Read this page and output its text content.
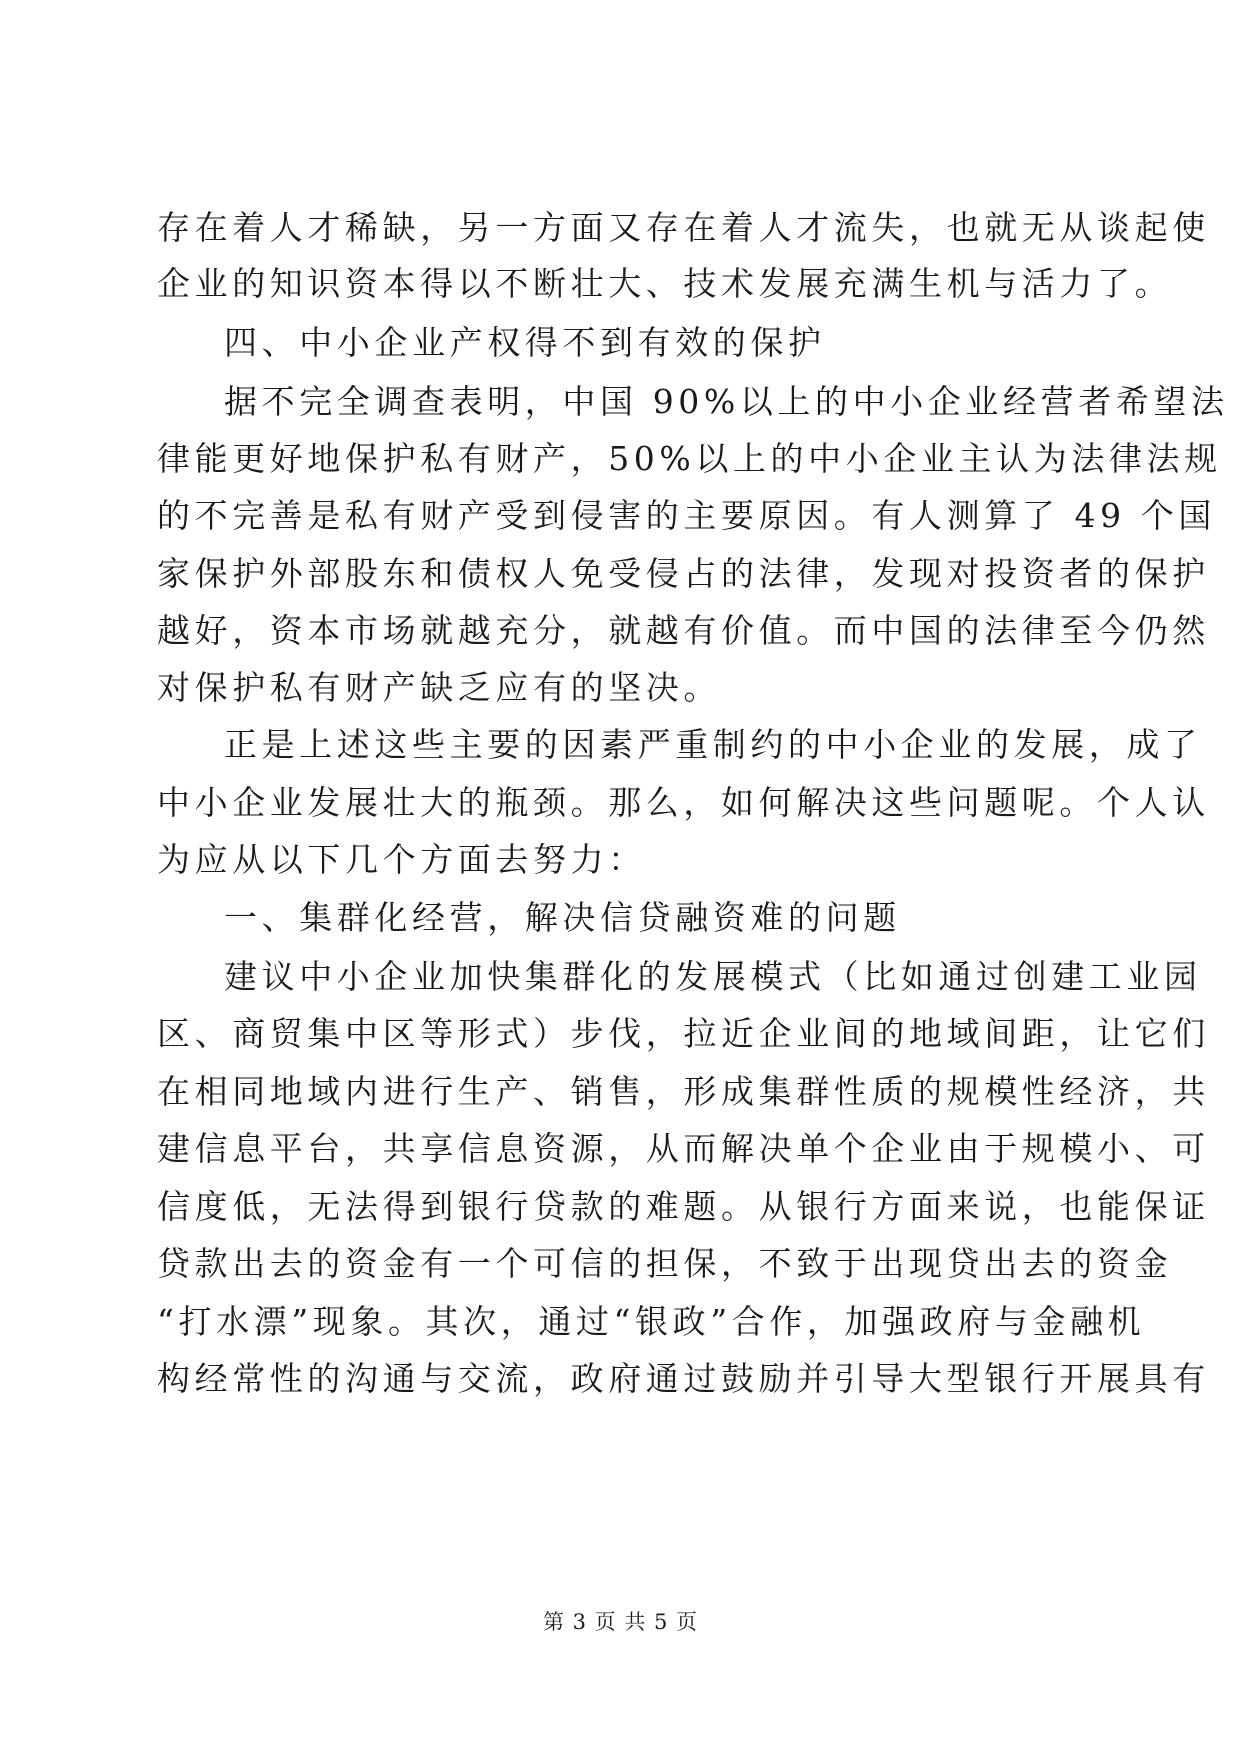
存在着人才稀缺，另一方面又存在着人才流失，也就无从谈起使
企业的知识资本得以不断壮大、技术发展充满生机与活力了。
四、中小企业产权得不到有效的保护
据不完全调查表明，中国 90%以上的中小企业经营者希望法
律能更好地保护私有财产，50%以上的中小企业主认为法律法规
的不完善是私有财产受到侵害的主要原因。有人测算了 49 个国
家保护外部股东和债权人免受侵占的法律，发现对投资者的保护
越好，资本市场就越充分，就越有价值。而中国的法律至今仍然
对保护私有财产缺乏应有的坚决。
正是上述这些主要的因素严重制约的中小企业的发展，成了
中小企业发展壮大的瓶颈。那么，如何解决这些问题呢。个人认
为应从以下几个方面去努力：
一、集群化经营，解决信贷融资难的问题
建议中小企业加快集群化的发展模式（比如通过创建工业园
区、商贸集中区等形式）步伐，拉近企业间的地域间距，让它们
在相同地域内进行生产、销售，形成集群性质的规模性经济，共
建信息平台，共享信息资源，从而解决单个企业由于规模小、可
信度低，无法得到银行贷款的难题。从银行方面来说，也能保证
贷款出去的资金有一个可信的担保，不致于出现贷出去的资金
“打水漂”现象。其次，通过“银政”合作，加强政府与金融机
构经常性的沟通与交流，政府通过鼓励并引导大型银行开展具有
第 3 页 共 5 页
